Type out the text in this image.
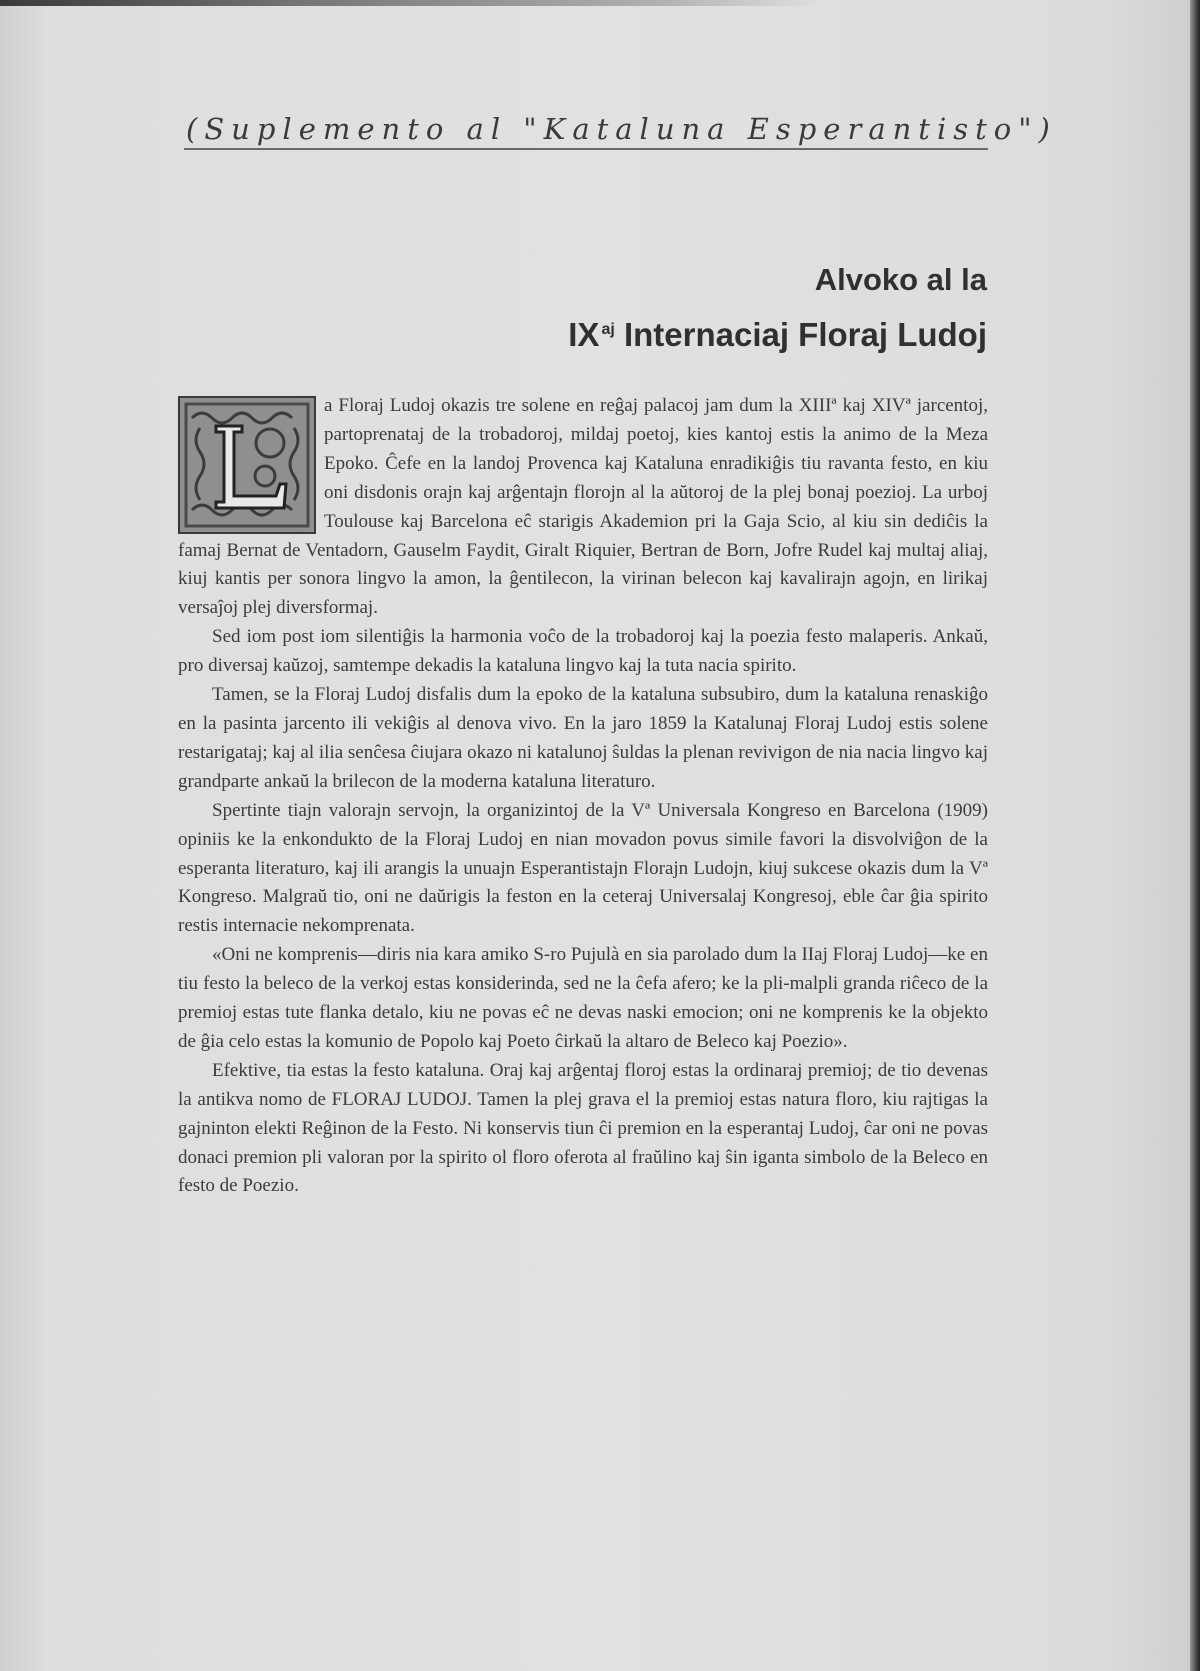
(Suplemento al "Kataluna Esperantisto")
Alvoko al la
IX $^{aj}$ Internaciaj Floraj Ludoj

a Floraj Ludoj okazis tre solene en reĝaj palacoj jam dum la XIIIª kaj XIVª jarcentoj, partoprenataj de la trobadoroj, mildaj poetoj, kies kantoj estis la animo de la Meza Epoko. Ĉefe en la landoj Provenca kaj Kataluna enradikiĝis tiu ravanta festo, en kiu oni disdonis orajn kaj arĝentajn florojn al la aŭtoroj de la plej bonaj poezioj. La urboj Toulouse kaj Barcelona eĉ starigis Akademion pri la Gaja Scio, al kiu sin dediĉis la famaj Bernat de Ventadorn, Gauselm Faydit, Giralt Riquier, Bertran de Born, Jofre Rudel kaj multaj aliaj, kiuj kantis per sonora lingvo la amon, la ĝentilecon, la virinan belecon kaj kavalirajn agojn, en lirikaj versaĵoj plej diversformaj.

Sed iom post iom silentiĝis la harmonia voĉo de la trobadoroj kaj la poezia festo malaperis. Ankaŭ, pro diversaj kaŭzoj, samtempe dekadis la kataluna lingvo kaj la tuta nacia spirito.

Tamen, se la Floraj Ludoj disfalis dum la epoko de la kataluna subsubiro, dum la kataluna renaskiĝo en la pasinta jarcento ili vekiĝis al denova vivo. En la jaro 1859 la Katalunaj Floraj Ludoj estis solene restarigataj; kaj al ilia senĉesa ĉiujara okazo ni katalunoj ŝuldas la plenan revivigon de nia nacia lingvo kaj grandparte ankaŭ la brilecon de la moderna kataluna literaturo.

Spertinte tiajn valorajn servojn, la organizintoj de la Vª Universala Kongreso en Barcelona (1909) opiniis ke la enkondukto de la Floraj Ludoj en nian movadon povus simile favori la disvolviĝon de la esperanta literaturo, kaj ili arangis la unuajn Esperantistajn Florajn Ludojn, kiuj sukcese okazis dum la Vª Kongreso. Malgraŭ tio, oni ne daŭrigis la feston en la ceteraj Universalaj Kongresoj, eble ĉar ĝia spirito restis internacie nekomprenata.

«Oni ne komprenis—diris nia kara amiko S-ro Pujulà en sia parolado dum la IIaj Floraj Ludoj—ke en tiu festo la beleco de la verkoj estas konsiderinda, sed ne la ĉefa afero; ke la pli-malpli granda riĉeco de la premioj estas tute flanka detalo, kiu ne povas eĉ ne devas naski emocion; oni ne komprenis ke la objekto de ĝia celo estas la komunio de Popolo kaj Poeto ĉirkaŭ la altaro de Beleco kaj Poezio».

Efektive, tia estas la festo kataluna. Oraj kaj arĝentaj floroj estas la ordinaraj premioj; de tio devenas la antikva nomo de FLORAJ LUDOJ. Tamen la plej grava el la premioj estas natura floro, kiu rajtigas la gajninton elekti Reĝinon de la Festo. Ni konservis tiun ĉi premion en la esperantaj Ludoj, ĉar oni ne povas donaci premion pli valoran por la spirito ol floro oferota al fraŭlino kaj ŝin iganta simbolo de la Beleco en festo de Poezio.
